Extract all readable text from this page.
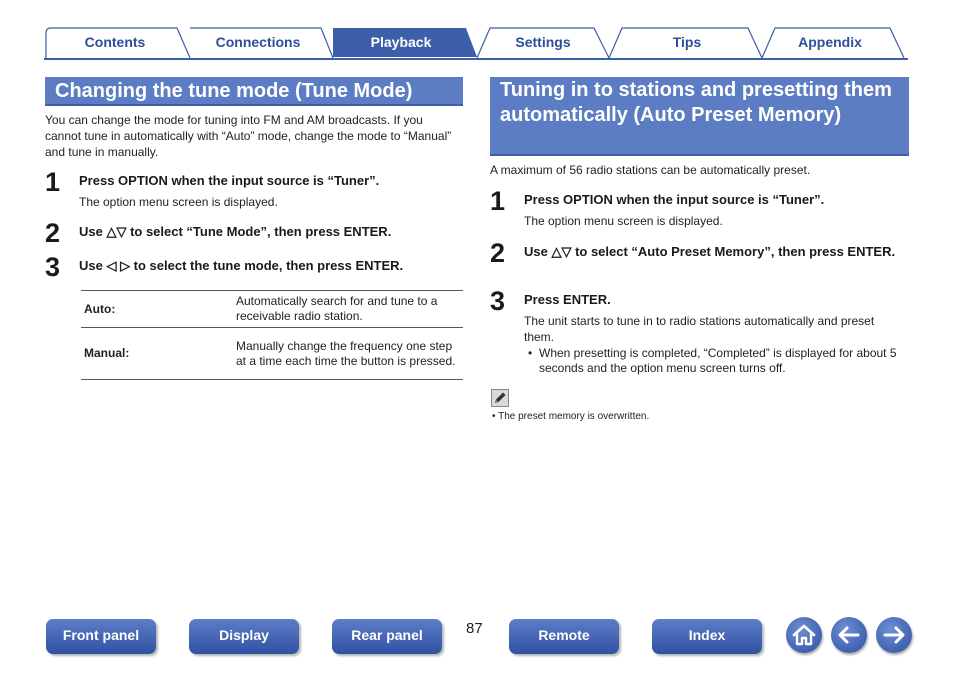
Contents	Connections	Playback	Settings	Tips	Appendix
Changing the tune mode (Tune Mode)
You can change the mode for tuning into FM and AM broadcasts. If you cannot tune in automatically with “Auto” mode, change the mode to “Manual” and tune in manually.
1 Press OPTION when the input source is “Tuner”.
The option menu screen is displayed.
2 Use △▽ to select “Tune Mode”, then press ENTER.
3 Use ◁ ▷ to select the tune mode, then press ENTER.
Auto:	Automatically search for and tune to a receivable radio station.
Manual:	Manually change the frequency one step at a time each time the button is pressed.
Tuning in to stations and presetting them automatically (Auto Preset Memory)
A maximum of 56 radio stations can be automatically preset.
1 Press OPTION when the input source is “Tuner”.
The option menu screen is displayed.
2 Use △▽ to select “Auto Preset Memory”, then press ENTER.
3 Press ENTER.
The unit starts to tune in to radio stations automatically and preset them.
• When presetting is completed, “Completed” is displayed for about 5 seconds and the option menu screen turns off.
• The preset memory is overwritten.
Front panel	Display	Rear panel	87	Remote	Index
